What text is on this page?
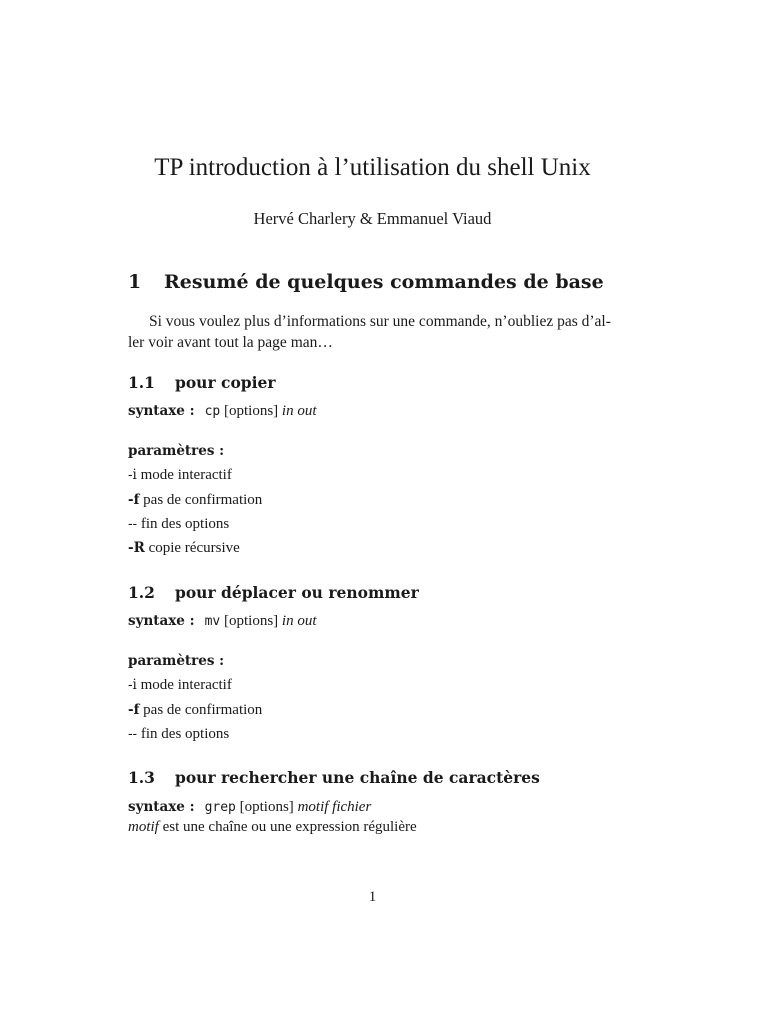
TP introduction à l’utilisation du shell Unix
Hervé Charlery & Emmanuel Viaud
1 Resumé de quelques commandes de base

Si vous voulez plus d’informations sur une commande, n’oubliez pas d’al-
ler voir avant tout la page man…

1.1 pour copier
syntaxe : cp [options] in out
paramètres :
-i mode interactif
-f pas de confirmation
-- fin des options
-R copie récursive
1.2 pour déplacer ou renommer
syntaxe : mv [options] in out
paramètres :
-i mode interactif
-f pas de confirmation
-- fin des options
1.3 pour rechercher une chaîne de caractères
syntaxe : grep [options] motif fichier
motif est une chaîne ou une expression régulière
1
